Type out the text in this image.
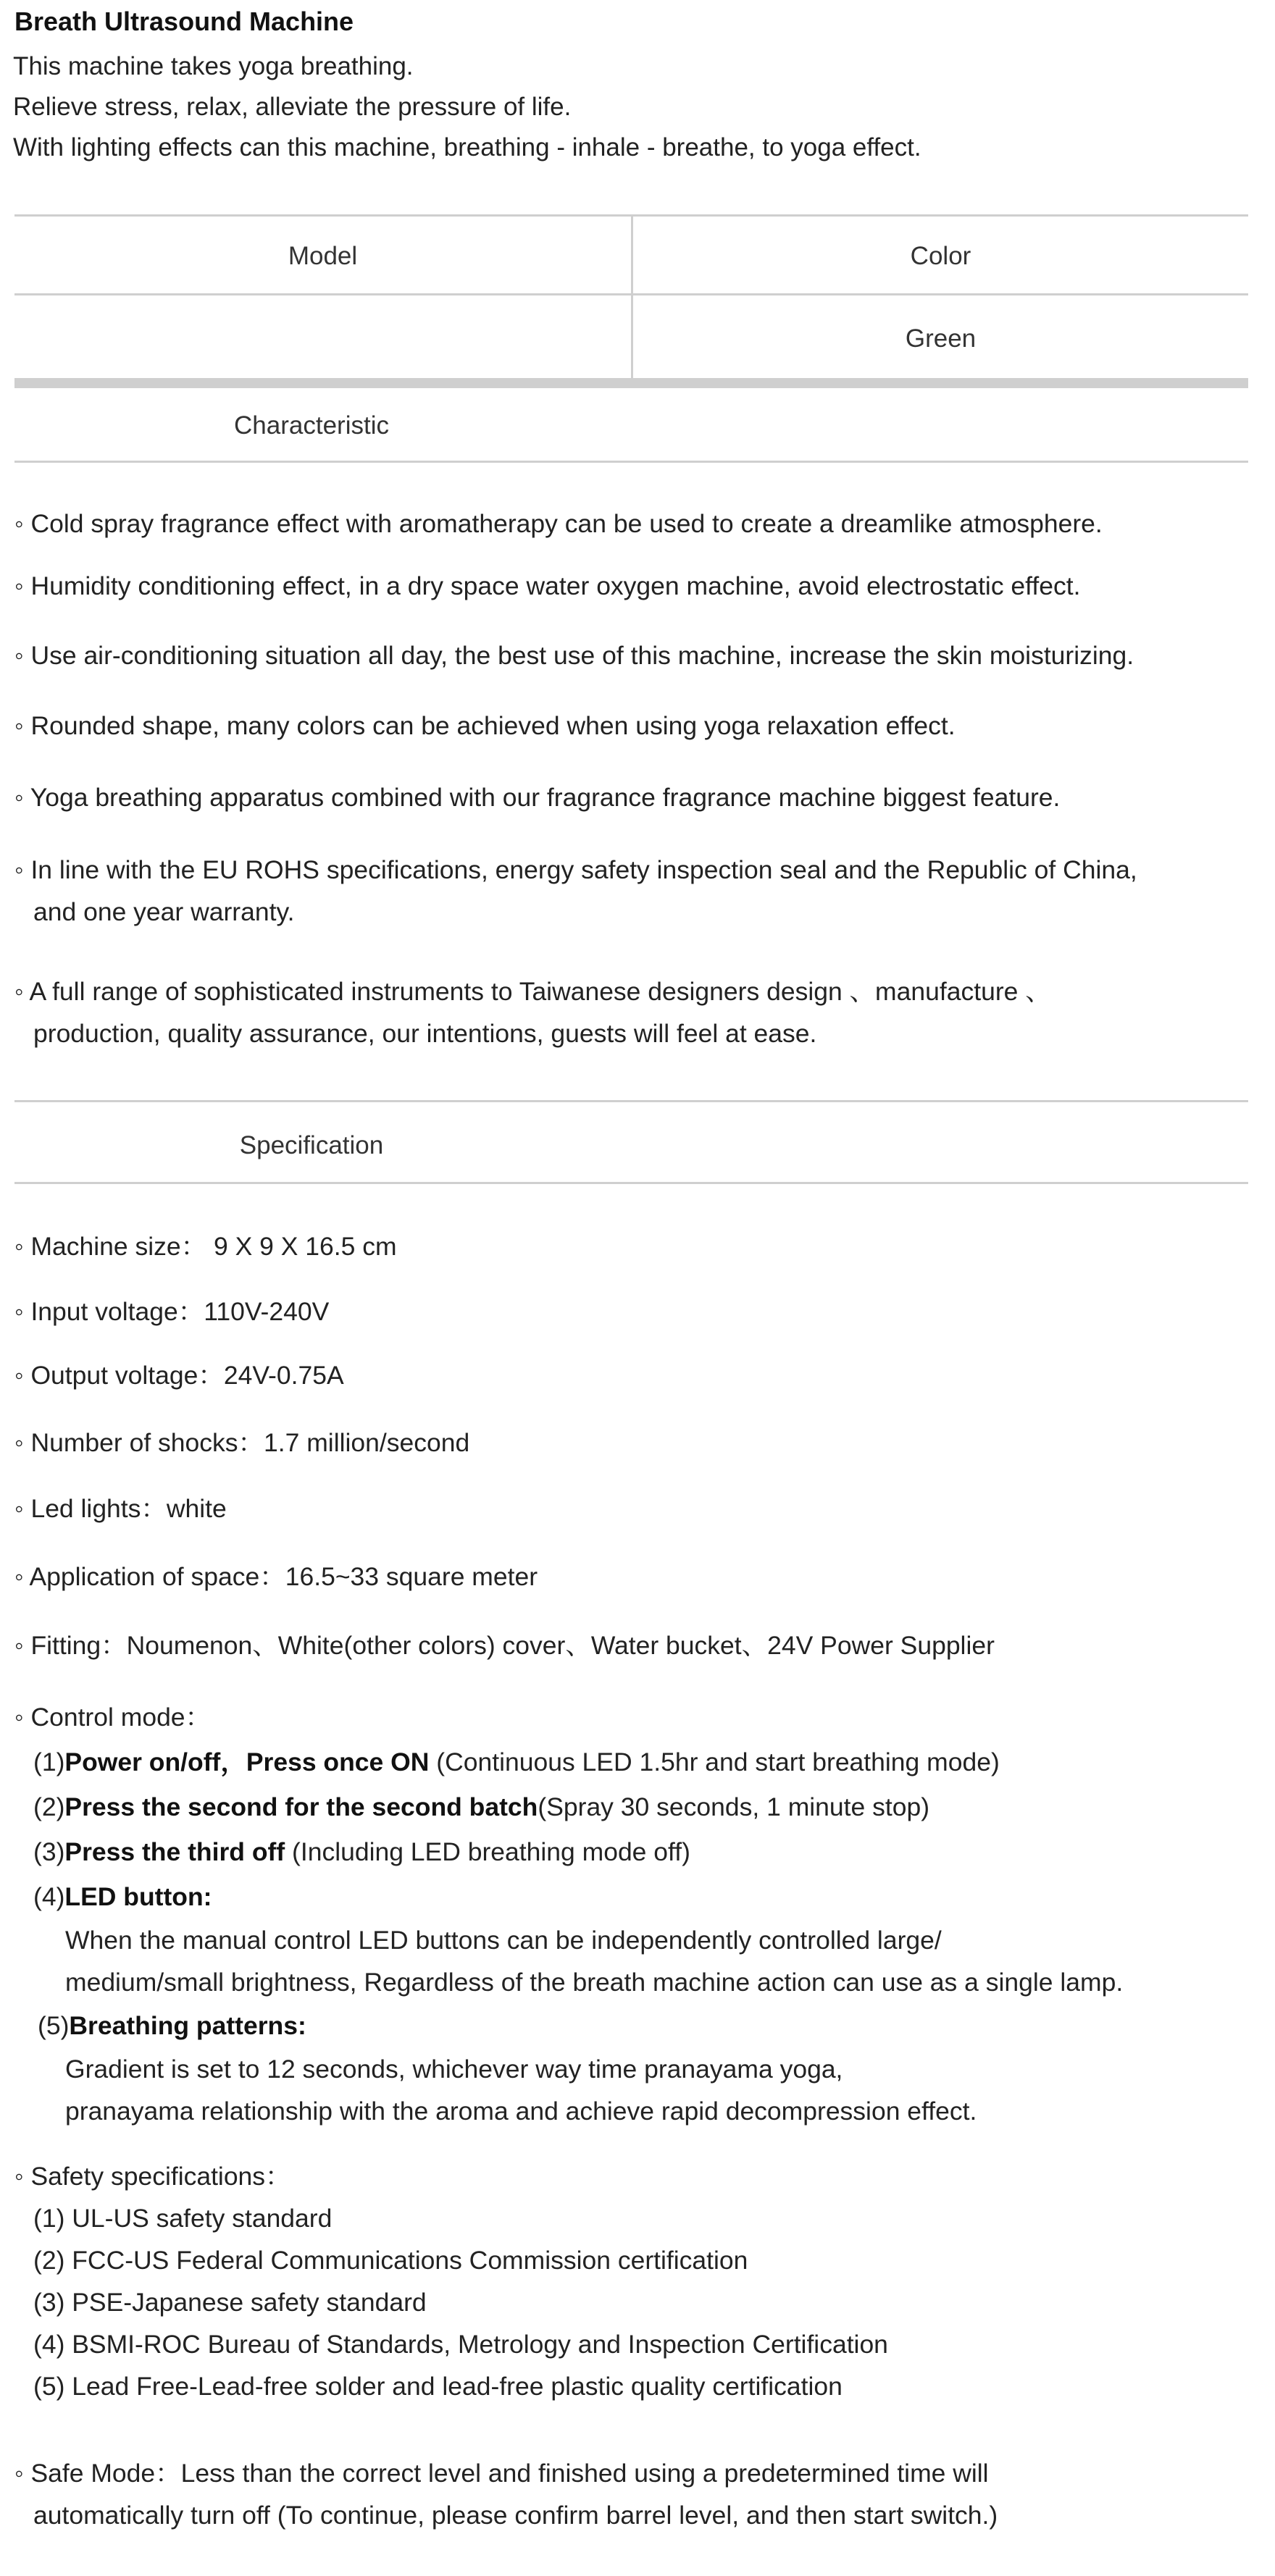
Breath Ultrasound Machine
This machine takes yoga breathing.
Relieve stress, relax, alleviate the pressure of life.
With lighting effects can this machine, breathing - inhale - breathe, to yoga effect.
Model	Color
Green
Characteristic
◦ Cold spray fragrance effect with aromatherapy can be used to create a dreamlike atmosphere.
◦ Humidity conditioning effect, in a dry space water oxygen machine, avoid electrostatic effect.
◦ Use air-conditioning situation all day, the best use of this machine, increase the skin moisturizing.
◦ Rounded shape, many colors can be achieved when using yoga relaxation effect.
◦ Yoga breathing apparatus combined with our fragrance fragrance machine biggest feature.
◦ In line with the EU ROHS specifications, energy safety inspection seal and the Republic of China,
and one year warranty.
◦ A full range of sophisticated instruments to Taiwanese designers design 、manufacture 、
production, quality assurance, our intentions, guests will feel at ease.
Specification
◦ Machine size： 9 X 9 X 16.5 cm
◦ Input voltage：110V-240V
◦ Output voltage：24V-0.75A
◦ Number of shocks：1.7 million/second
◦ Led lights：white
◦ Application of space：16.5~33 square meter
◦ Fitting：Noumenon、White(other colors) cover、Water bucket、24V Power Supplier
◦ Control mode：
(1)Power on/off，Press once ON (Continuous LED 1.5hr and start breathing mode)
(2)Press the second for the second batch(Spray 30 seconds, 1 minute stop)
(3)Press the third off (Including LED breathing mode off)
(4)LED button:
When the manual control LED buttons can be independently controlled large/
medium/small brightness, Regardless of the breath machine action can use as a single lamp.
(5)Breathing patterns:
Gradient is set to 12 seconds, whichever way time pranayama yoga,
pranayama relationship with the aroma and achieve rapid decompression effect.
◦ Safety specifications：
(1) UL-US safety standard
(2) FCC-US Federal Communications Commission certification
(3) PSE-Japanese safety standard
(4) BSMI-ROC Bureau of Standards, Metrology and Inspection Certification
(5) Lead Free-Lead-free solder and lead-free plastic quality certification
◦ Safe Mode：Less than the correct level and finished using a predetermined time will
automatically turn off (To continue, please confirm barrel level, and then start switch.)
